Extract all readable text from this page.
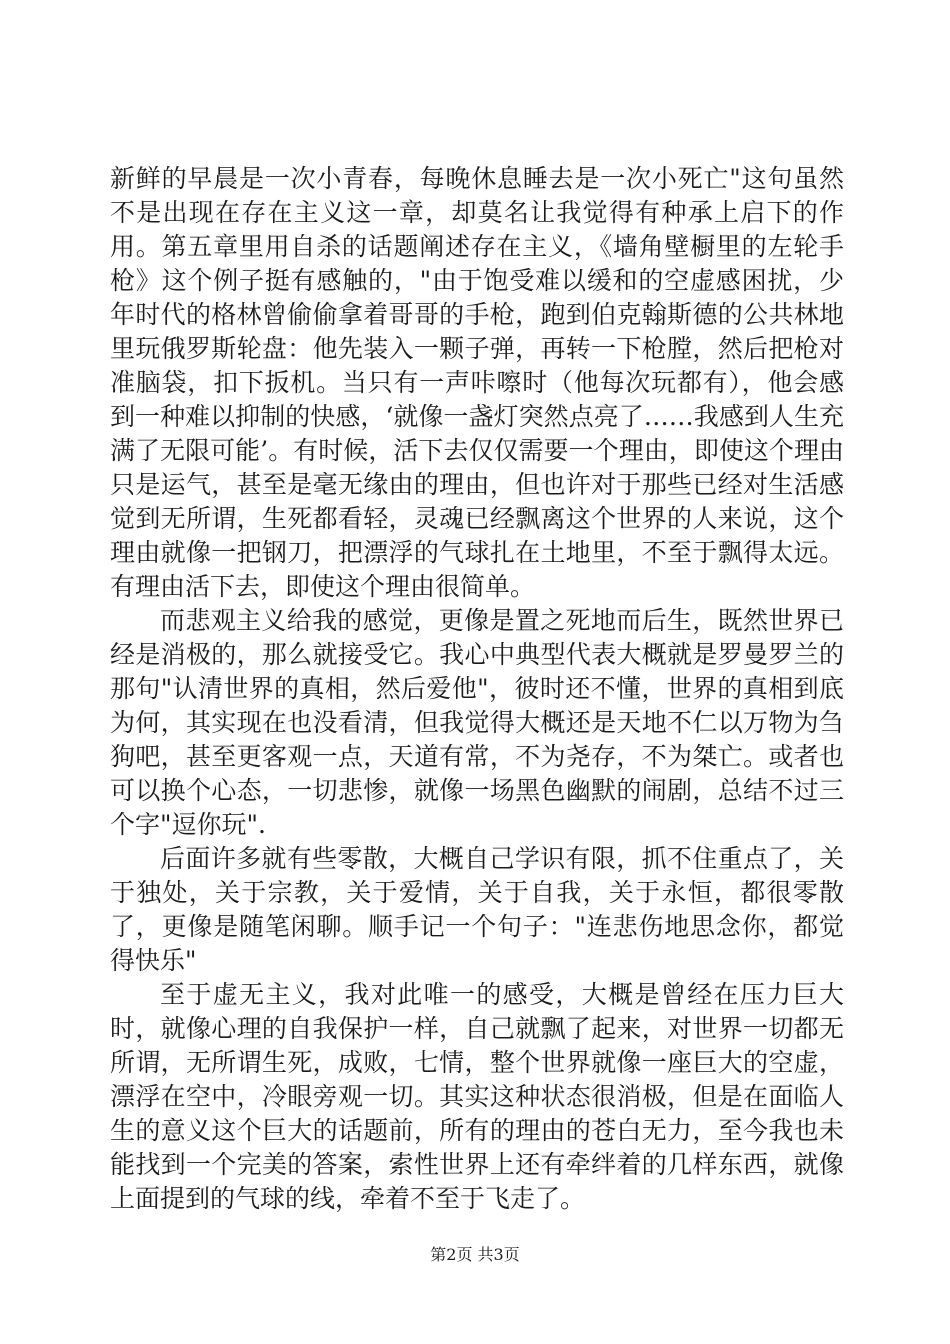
新鲜的早晨是一次小青春，每晚休息睡去是一次小死亡"这句虽然不是出现在存在主义这一章，却莫名让我觉得有种承上启下的作用。第五章里用自杀的话题阐述存在主义，《墙角壁橱里的左轮手枪》这个例子挺有感触的，"由于饱受难以缓和的空虚感困扰，少年时代的格林曾偷偷拿着哥哥的手枪，跑到伯克翰斯德的公共林地里玩俄罗斯轮盘：他先装入一颗子弹，再转一下枪膛，然后把枪对准脑袋，扣下扳机。当只有一声咔嚓时（他每次玩都有），他会感到一种难以抑制的快感，‘就像一盏灯突然点亮了……我感到人生充满了无限可能’。有时候，活下去仅仅需要一个理由，即使这个理由只是运气，甚至是毫无缘由的理由，但也许对于那些已经对生活感觉到无所谓，生死都看轻，灵魂已经飘离这个世界的人来说，这个理由就像一把钢刀，把漂浮的气球扎在土地里，不至于飘得太远。有理由活下去，即使这个理由很简单。

而悲观主义给我的感觉，更像是置之死地而后生，既然世界已经是消极的，那么就接受它。我心中典型代表大概就是罗曼罗兰的那句"认清世界的真相，然后爱他"，彼时还不懂，世界的真相到底为何，其实现在也没看清，但我觉得大概还是天地不仁以万物为刍狗吧，甚至更客观一点，天道有常，不为尧存，不为桀亡。或者也可以换个心态，一切悲惨，就像一场黑色幽默的闹剧，总结不过三个字"逗你玩".

后面许多就有些零散，大概自己学识有限，抓不住重点了，关于独处，关于宗教，关于爱情，关于自我，关于永恒，都很零散了，更像是随笔闲聊。顺手记一个句子："连悲伤地思念你，都觉得快乐"

至于虚无主义，我对此唯一的感受，大概是曾经在压力巨大时，就像心理的自我保护一样，自己就飘了起来，对世界一切都无所谓，无所谓生死，成败，七情，整个世界就像一座巨大的空虚，漂浮在空中，冷眼旁观一切。其实这种状态很消极，但是在面临人生的意义这个巨大的话题前，所有的理由的苍白无力，至今我也未能找到一个完美的答案，索性世界上还有牵绊着的几样东西，就像上面提到的气球的线，牵着不至于飞走了。

第2页 共3页
